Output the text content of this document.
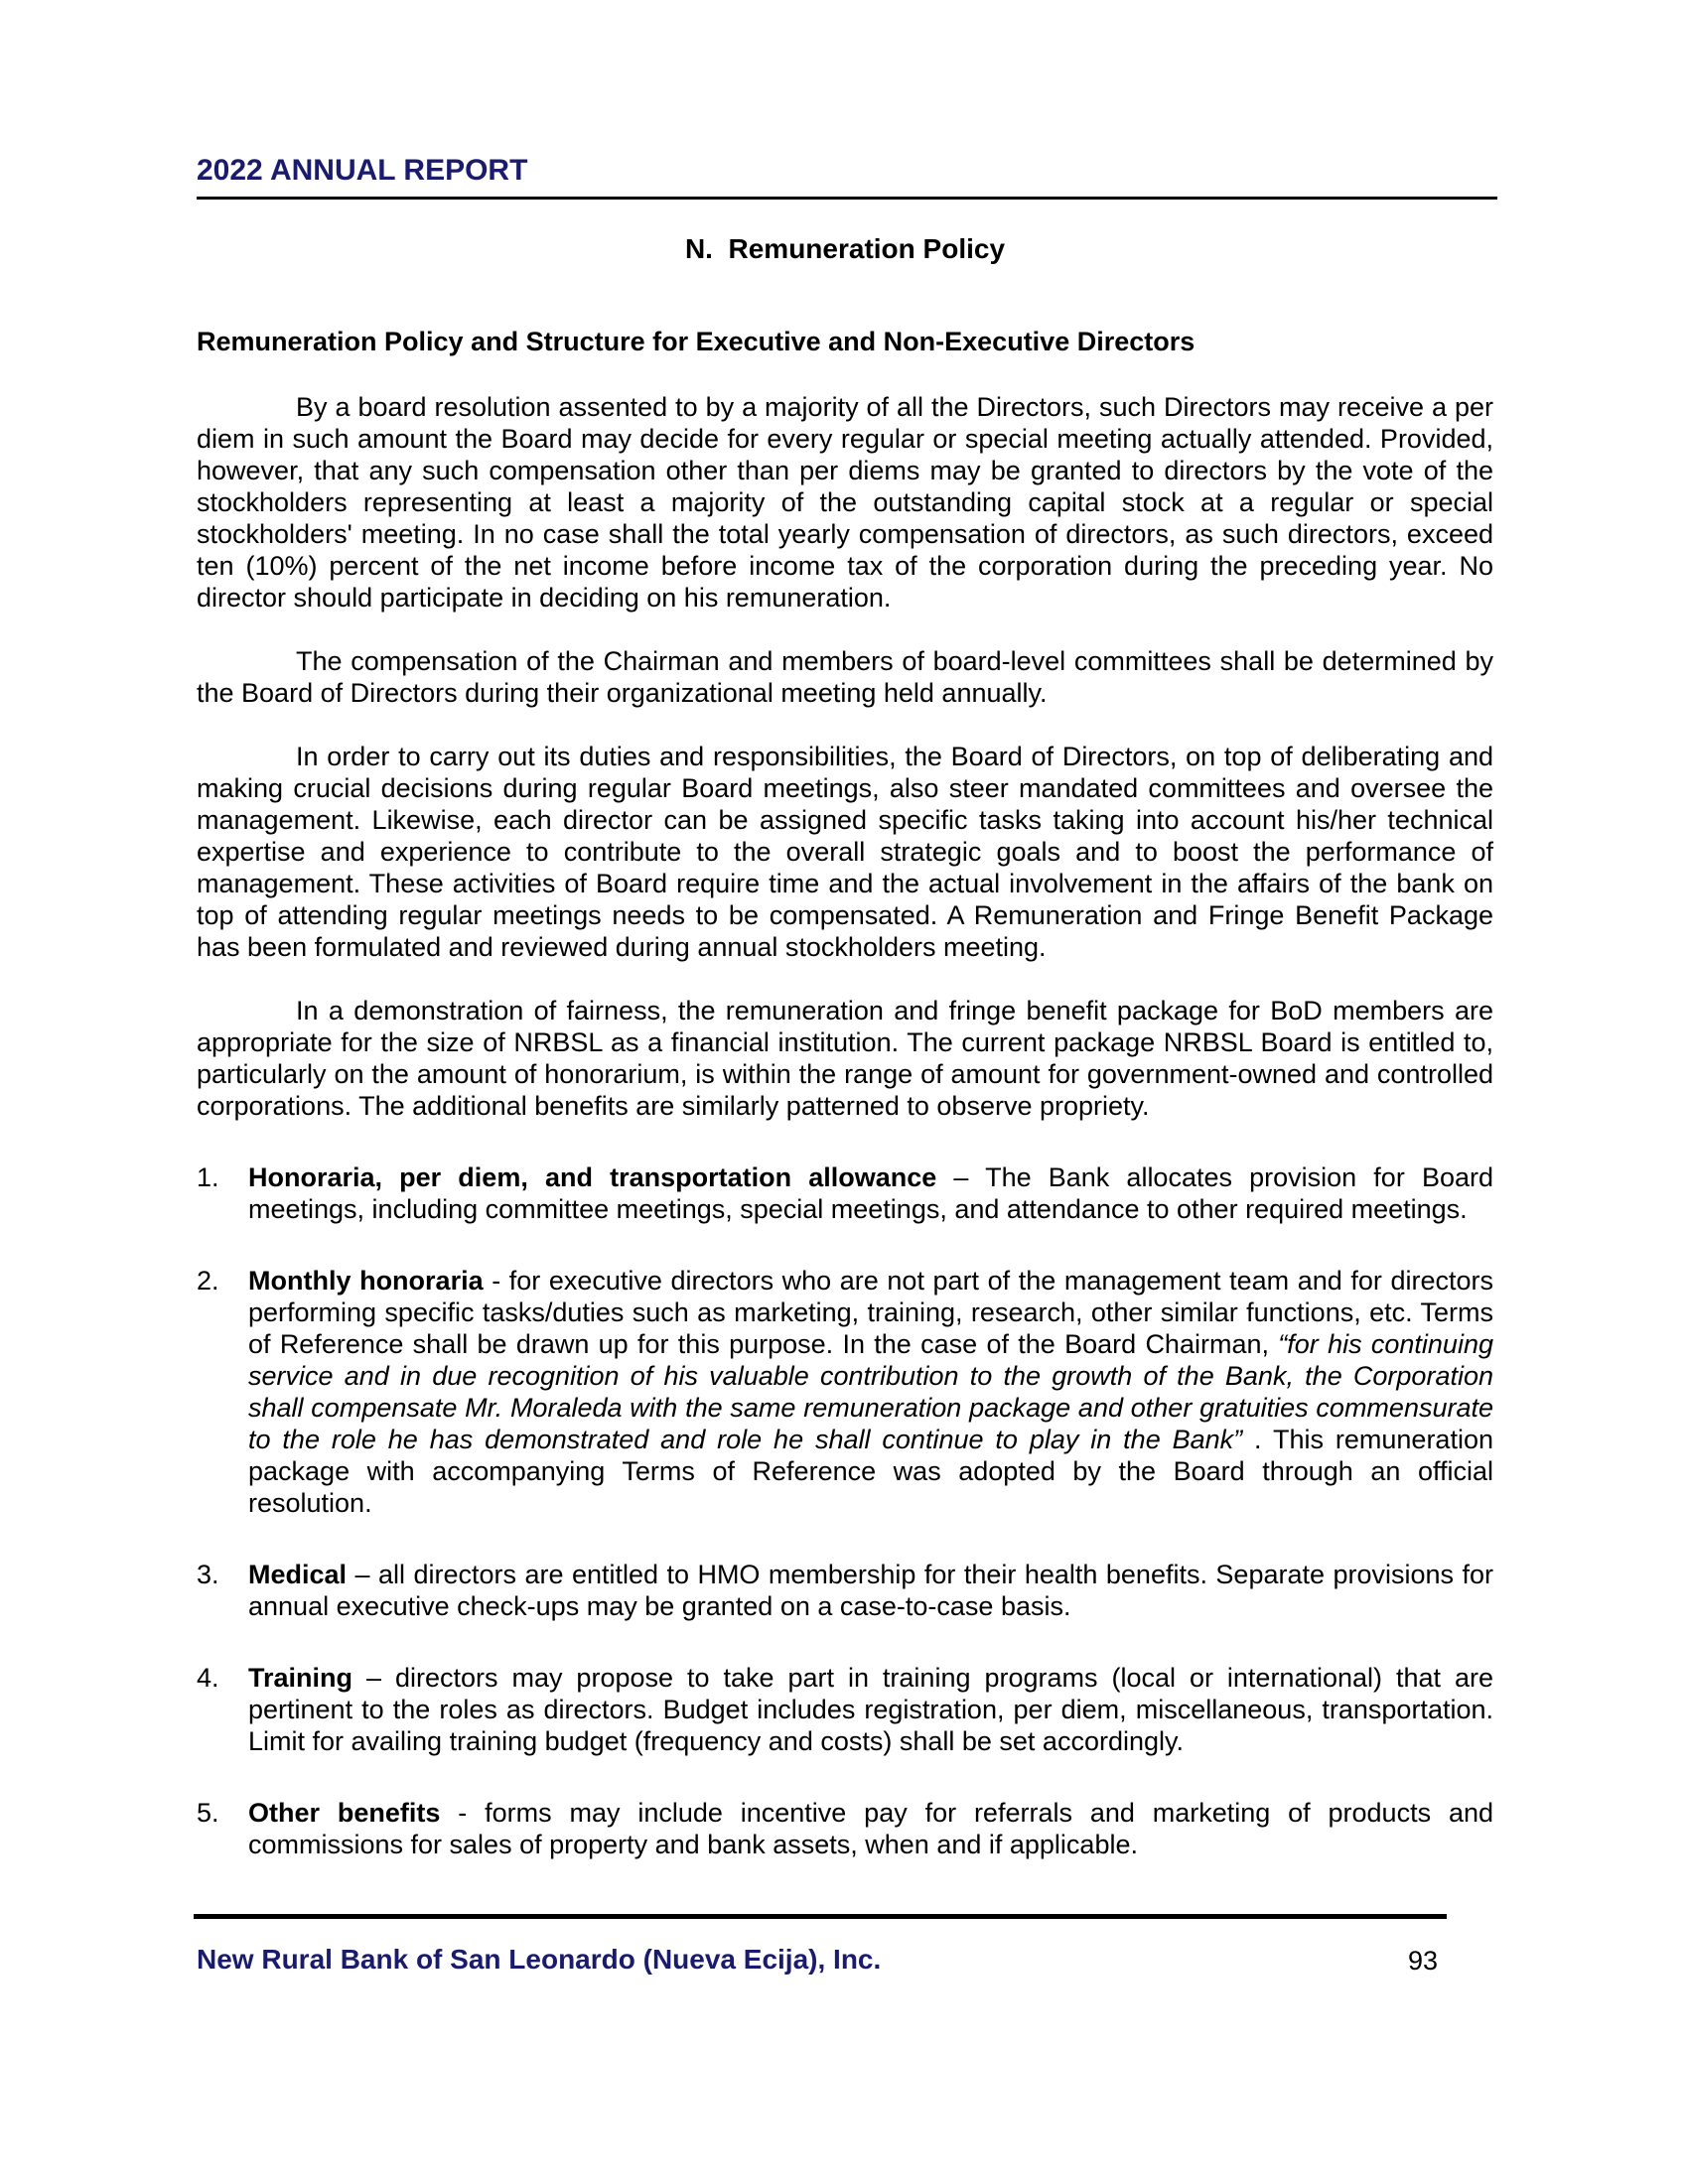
2022 ANNUAL REPORT
N.  Remuneration Policy
Remuneration Policy and Structure for Executive and Non-Executive Directors

By a board resolution assented to by a majority of all the Directors, such Directors may receive a per diem in such amount the Board may decide for every regular or special meeting actually attended. Provided, however, that any such compensation other than per diems may be granted to directors by the vote of the stockholders representing at least a majority of the outstanding capital stock at a regular or special stockholders' meeting. In no case shall the total yearly compensation of directors, as such directors, exceed ten (10%) percent of the net income before income tax of the corporation during the preceding year. No director should participate in deciding on his remuneration.

The compensation of the Chairman and members of board-level committees shall be determined by the Board of Directors during their organizational meeting held annually.

In order to carry out its duties and responsibilities, the Board of Directors, on top of deliberating and making crucial decisions during regular Board meetings, also steer mandated committees and oversee the management. Likewise, each director can be assigned specific tasks taking into account his/her technical expertise and experience to contribute to the overall strategic goals and to boost the performance of management. These activities of Board require time and the actual involvement in the affairs of the bank on top of attending regular meetings needs to be compensated. A Remuneration and Fringe Benefit Package has been formulated and reviewed during annual stockholders meeting.

In a demonstration of fairness, the remuneration and fringe benefit package for BoD members are appropriate for the size of NRBSL as a financial institution. The current package NRBSL Board is entitled to, particularly on the amount of honorarium, is within the range of amount for government-owned and controlled corporations. The additional benefits are similarly patterned to observe propriety.

1. Honoraria, per diem, and transportation allowance – The Bank allocates provision for Board meetings, including committee meetings, special meetings, and attendance to other required meetings.
2. Monthly honoraria - for executive directors who are not part of the management team and for directors performing specific tasks/duties such as marketing, training, research, other similar functions, etc. Terms of Reference shall be drawn up for this purpose. In the case of the Board Chairman, “for his continuing service and in due recognition of his valuable contribution to the growth of the Bank, the Corporation shall compensate Mr. Moraleda with the same remuneration package and other gratuities commensurate to the role he has demonstrated and role he shall continue to play in the Bank” . This remuneration package with accompanying Terms of Reference was adopted by the Board through an official resolution.
3. Medical – all directors are entitled to HMO membership for their health benefits. Separate provisions for annual executive check-ups may be granted on a case-to-case basis.
4. Training – directors may propose to take part in training programs (local or international) that are pertinent to the roles as directors. Budget includes registration, per diem, miscellaneous, transportation. Limit for availing training budget (frequency and costs) shall be set accordingly.
5. Other benefits - forms may include incentive pay for referrals and marketing of products and commissions for sales of property and bank assets, when and if applicable.
New Rural Bank of San Leonardo (Nueva Ecija), Inc.	93
